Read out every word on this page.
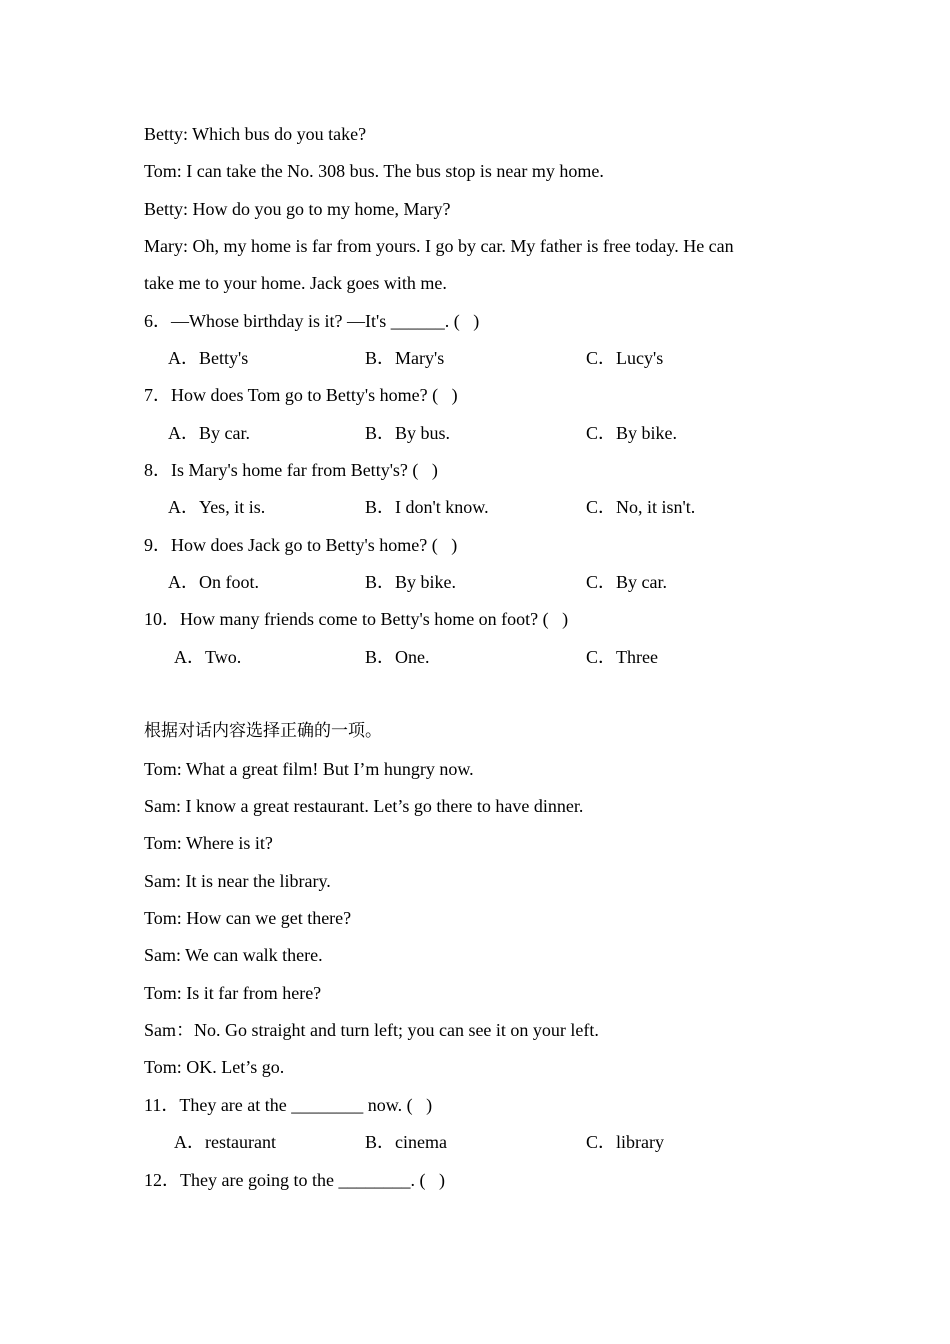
Betty: Which bus do you take?
Tom: I can take the No. 308 bus. The bus stop is near my home.
Betty: How do you go to my home, Mary?
Mary: Oh, my home is far from yours. I go by car. My father is free today. He can
take me to your home. Jack goes with me.
6．—Whose birthday is it? —It's ______. (   )
A．Betty's	B．Mary's	C．Lucy's
7．How does Tom go to Betty's home? (   )
A．By car.	B．By bus.	C．By bike.
8．Is Mary's home far from Betty's? (   )
A．Yes, it is.	B．I don't know.	C．No, it isn't.
9．How does Jack go to Betty's home? (   )
A．On foot.	B．By bike.	C．By car.
10．How many friends come to Betty's home on foot? (   )
A．Two.	B．One.	C．Three
根据对话内容选择正确的一项。
Tom: What a great film! But I’m hungry now.
Sam: I know a great restaurant. Let’s go there to have dinner.
Tom: Where is it?
Sam: It is near the library.
Tom: How can we get there?
Sam: We can walk there.
Tom: Is it far from here?
Sam：No. Go straight and turn left; you can see it on your left.
Tom: OK. Let’s go.
11．They are at the ________ now. (   )
A．restaurant	B．cinema	C．library
12．They are going to the ________. (   )
